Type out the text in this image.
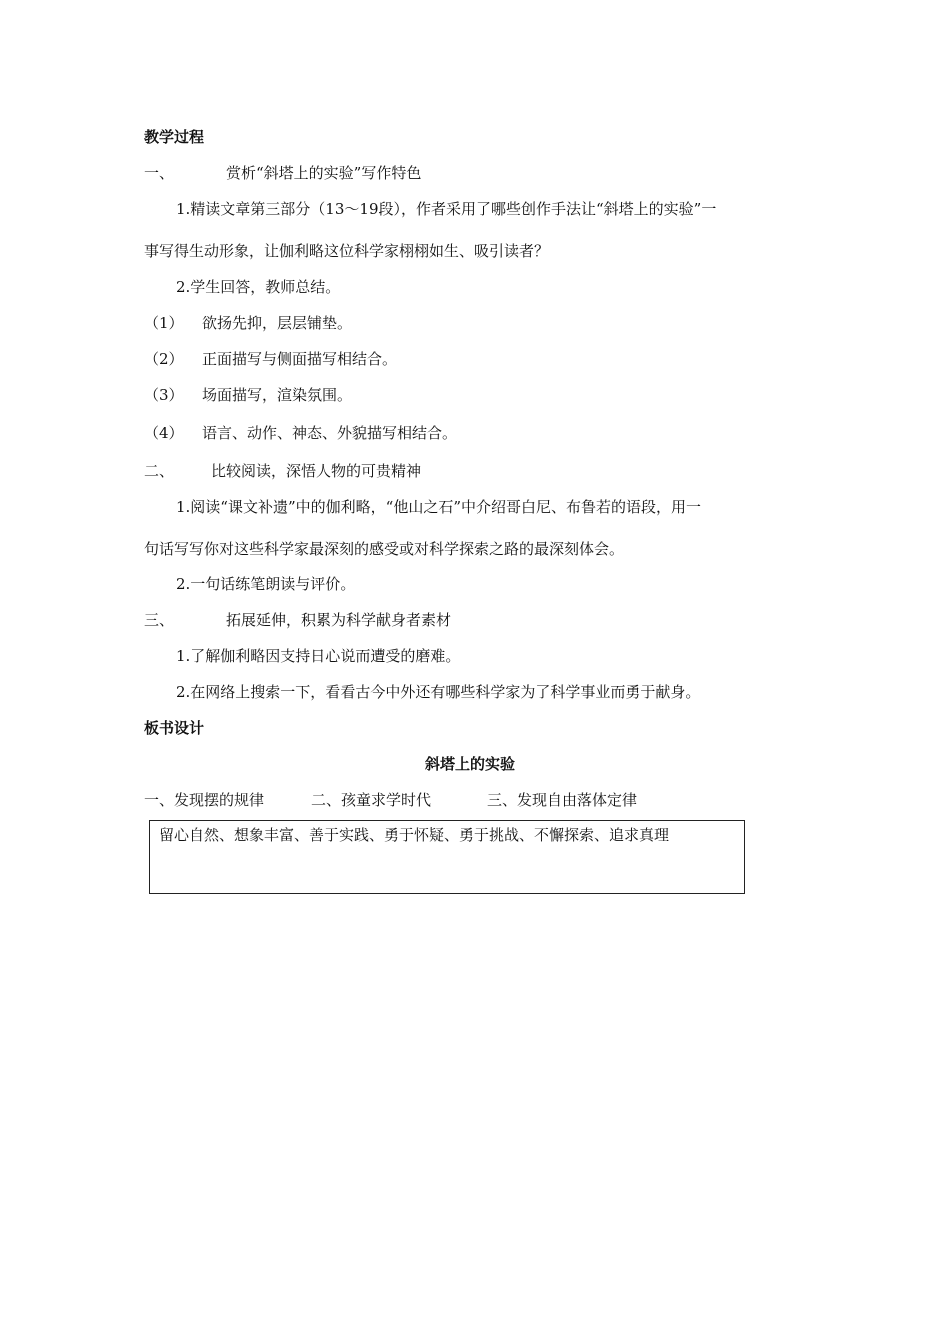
教学过程
一、	赏析“斜塔上的实验”写作特色
1.精读文章第三部分（13～19段），作者采用了哪些创作手法让“斜塔上的实验”一
事写得生动形象，让伽利略这位科学家栩栩如生、吸引读者？
2.学生回答，教师总结。
（1） 欲扬先抑，层层铺垫。
（2） 正面描写与侧面描写相结合。
（3） 场面描写，渲染氛围。
（4） 语言、动作、神态、外貌描写相结合。
二、 比较阅读，深悟人物的可贵精神
1.阅读“课文补遗”中的伽利略，“他山之石”中介绍哥白尼、布鲁若的语段，用一
句话写写你对这些科学家最深刻的感受或对科学探索之路的最深刻体会。
2.一句话练笔朗读与评价。
三、	拓展延伸，积累为科学献身者素材
1.了解伽利略因支持日心说而遭受的磨难。
2.在网络上搜索一下，看看古今中外还有哪些科学家为了科学事业而勇于献身。
板书设计
斜塔上的实验
一、发现摆的规律	二、孩童求学时代	三、发现自由落体定律
留心自然、想象丰富、善于实践、勇于怀疑、勇于挑战、不懈探索、追求真理
